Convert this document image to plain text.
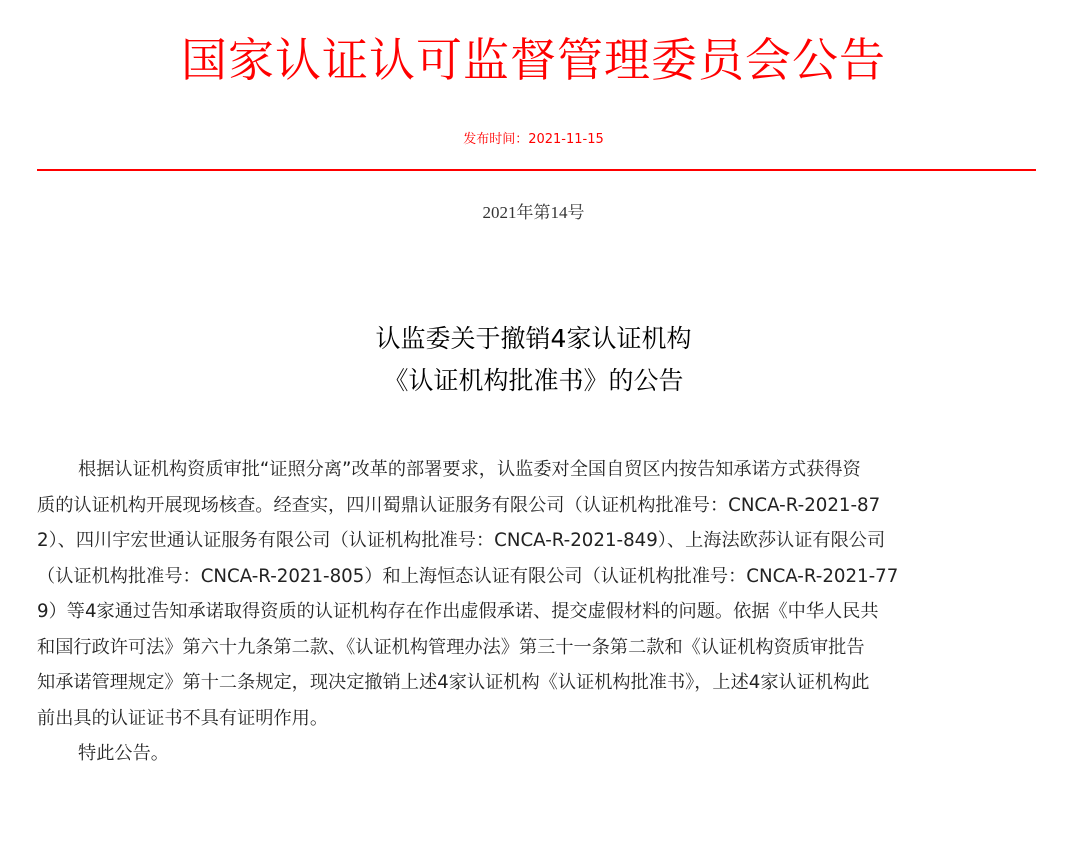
国家认证认可监督管理委员会公告
发布时间：2021-11-15
2021年第14号
认监委关于撤销4家认证机构
《认证机构批准书》的公告

根据认证机构资质审批“证照分离”改革的部署要求，认监委对全国自贸区内按告知承诺方式获得资
质的认证机构开展现场核查。经查实，四川蜀鼎认证服务有限公司（认证机构批准号：CNCA-R-2021-87
2）、四川宇宏世通认证服务有限公司（认证机构批准号：CNCA-R-2021-849）、上海法欧莎认证有限公司
（认证机构批准号：CNCA-R-2021-805）和上海恒态认证有限公司（认证机构批准号：CNCA-R-2021-77
9）等4家通过告知承诺取得资质的认证机构存在作出虚假承诺、提交虚假材料的问题。依据《中华人民共
和国行政许可法》第六十九条第二款、《认证机构管理办法》第三十一条第二款和《认证机构资质审批告
知承诺管理规定》第十二条规定，现决定撤销上述4家认证机构《认证机构批准书》，上述4家认证机构此
前出具的认证证书不具有证明作用。

特此公告。
